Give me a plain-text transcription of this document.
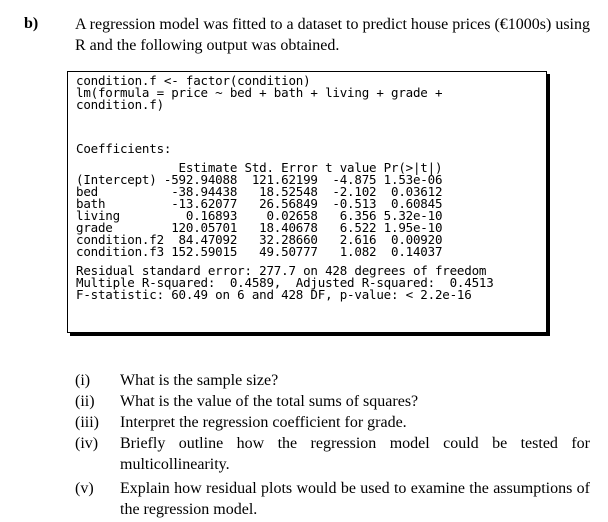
b) A regression model was fitted to a dataset to predict house prices (€1000s) using R and the following output was obtained.
condition.f <- factor(condition)
lm(formula = price ~ bed + bath + living + grade +
condition.f)
Coefficients:
Estimate Std. Error t value Pr(>|t|)
(Intercept) -592.94088  121.62199  -4.875 1.53e-06
bed          -38.94438   18.52548  -2.102  0.03612
bath         -13.62077   26.56849  -0.513  0.60845
living         0.16893    0.02658   6.356 5.32e-10
grade        120.05701   18.40678   6.522 1.95e-10
condition.f2  84.47092   32.28660   2.616  0.00920
condition.f3 152.59015   49.50777   1.082  0.14037
Residual standard error: 277.7 on 428 degrees of freedom
Multiple R-squared:  0.4589,  Adjusted R-squared:  0.4513
F-statistic: 60.49 on 6 and 428 DF, p-value: < 2.2e-16
(i)	What is the sample size?
(ii)	What is the value of the total sums of squares?
(iii)	Interpret the regression coefficient for grade.
(iv)	Briefly outline how the regression model could be tested for multicollinearity.
(v)	Explain how residual plots would be used to examine the assumptions of the regression model.
